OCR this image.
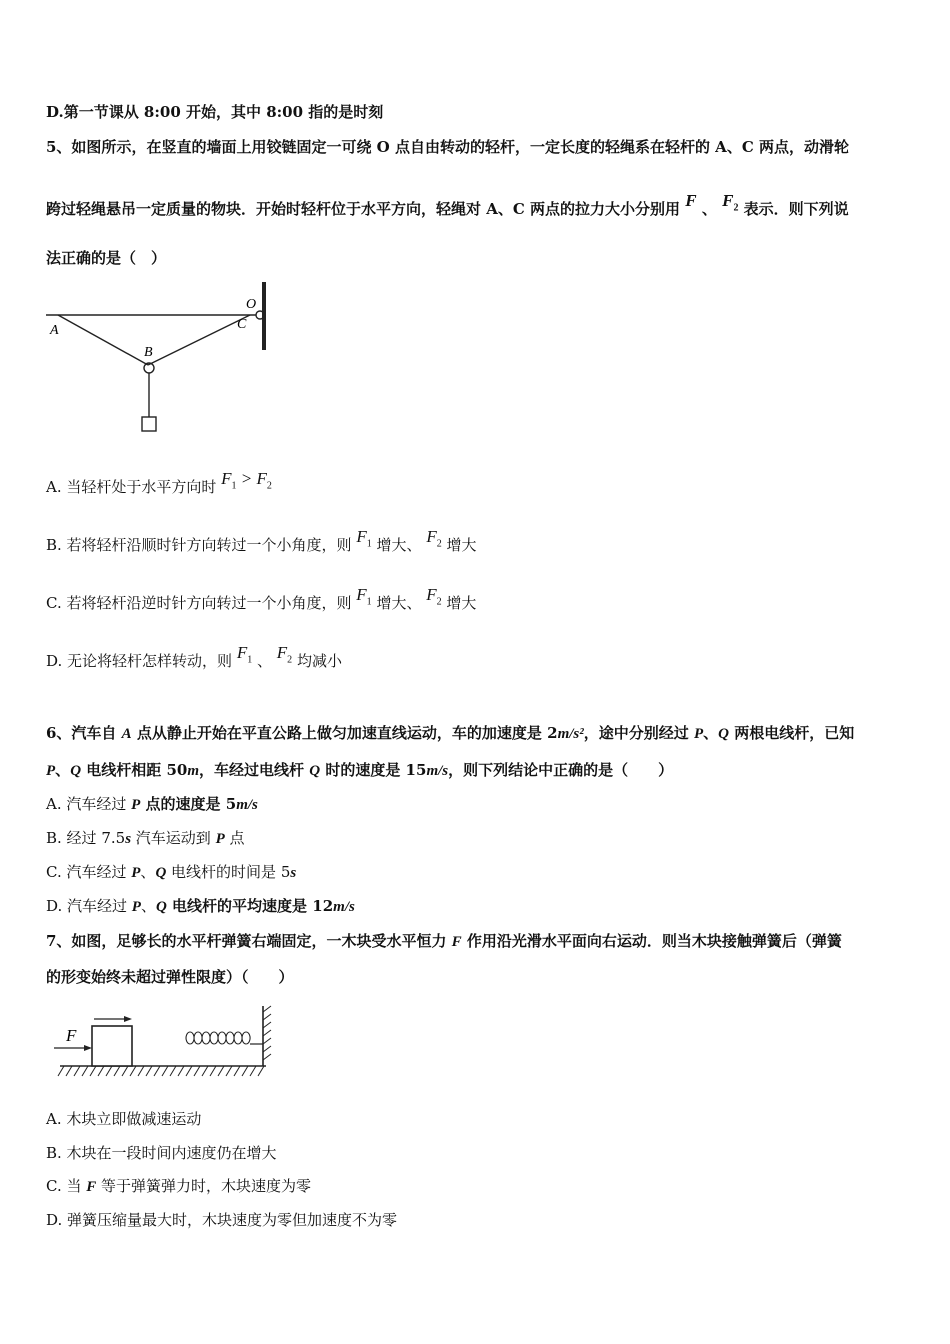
D.第一节课从 8:00 开始，其中 8:00 指的是时刻
5、如图所示，在竖直的墙面上用铰链固定一可绕 O 点自由转动的轻杆，一定长度的轻绳系在轻杆的 A、C 两点，动滑轮
跨过轻绳悬吊一定质量的物块．开始时轻杆位于水平方向，轻绳对 A、C 两点的拉力大小分别用 F 、 $F_2$ 表示．则下列说
法正确的是（　）
A
B
C
O
A. 当轻杆处于水平方向时 $F_1 > F_2$
B. 若将轻杆沿顺时针方向转过一个小角度，则 $F_1$ 增大、 $F_2$ 增大
C. 若将轻杆沿逆时针方向转过一个小角度，则 $F_1$ 增大、 $F_2$ 增大
D. 无论将轻杆怎样转动，则 $F_1$ 、 $F_2$ 均减小
6、汽车自 A 点从静止开始在平直公路上做匀加速直线运动，车的加速度是 2m/s²，途中分别经过 P、Q 两根电线杆，已知
P、Q 电线杆相距 50m，车经过电线杆 Q 时的速度是 15m/s，则下列结论中正确的是（　　）
A. 汽车经过 P 点的速度是 5m/s
B. 经过 7.5s 汽车运动到 P 点
C. 汽车经过 P、Q 电线杆的时间是 5s
D. 汽车经过 P、Q 电线杆的平均速度是 12m/s
7、如图，足够长的水平杆弹簧右端固定，一木块受水平恒力 F 作用沿光滑水平面向右运动．则当木块接触弹簧后（弹簧
的形变始终未超过弹性限度）（　　）
F
A. 木块立即做减速运动
B. 木块在一段时间内速度仍在增大
C. 当 F 等于弹簧弹力时，木块速度为零
D. 弹簧压缩量最大时，木块速度为零但加速度不为零
